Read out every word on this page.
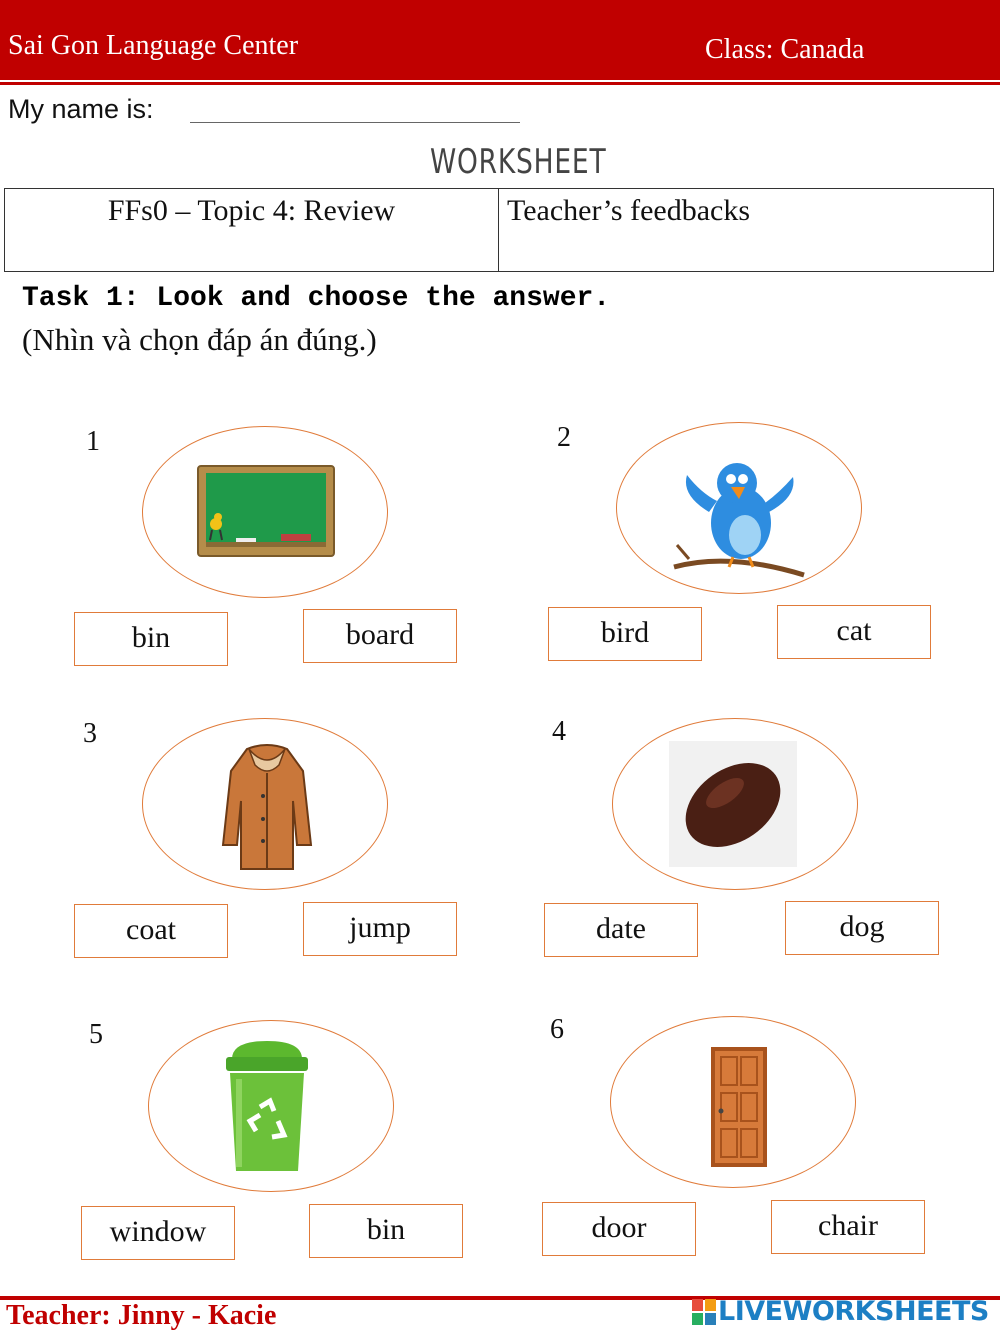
Sai Gon Language Center	Class: Canada
My name is:
WORKSHEET
FFs0 – Topic 4: Review	Teacher’s feedbacks
Task 1: Look and choose the answer.
(Nhìn và chọn đáp án đúng.)
1
bin	board
2
bird	cat
3
coat	jump
4
date	dog
5
window	bin
6
door	chair
Teacher: Jinny - Kacie	LIVEWORKSHEETS
